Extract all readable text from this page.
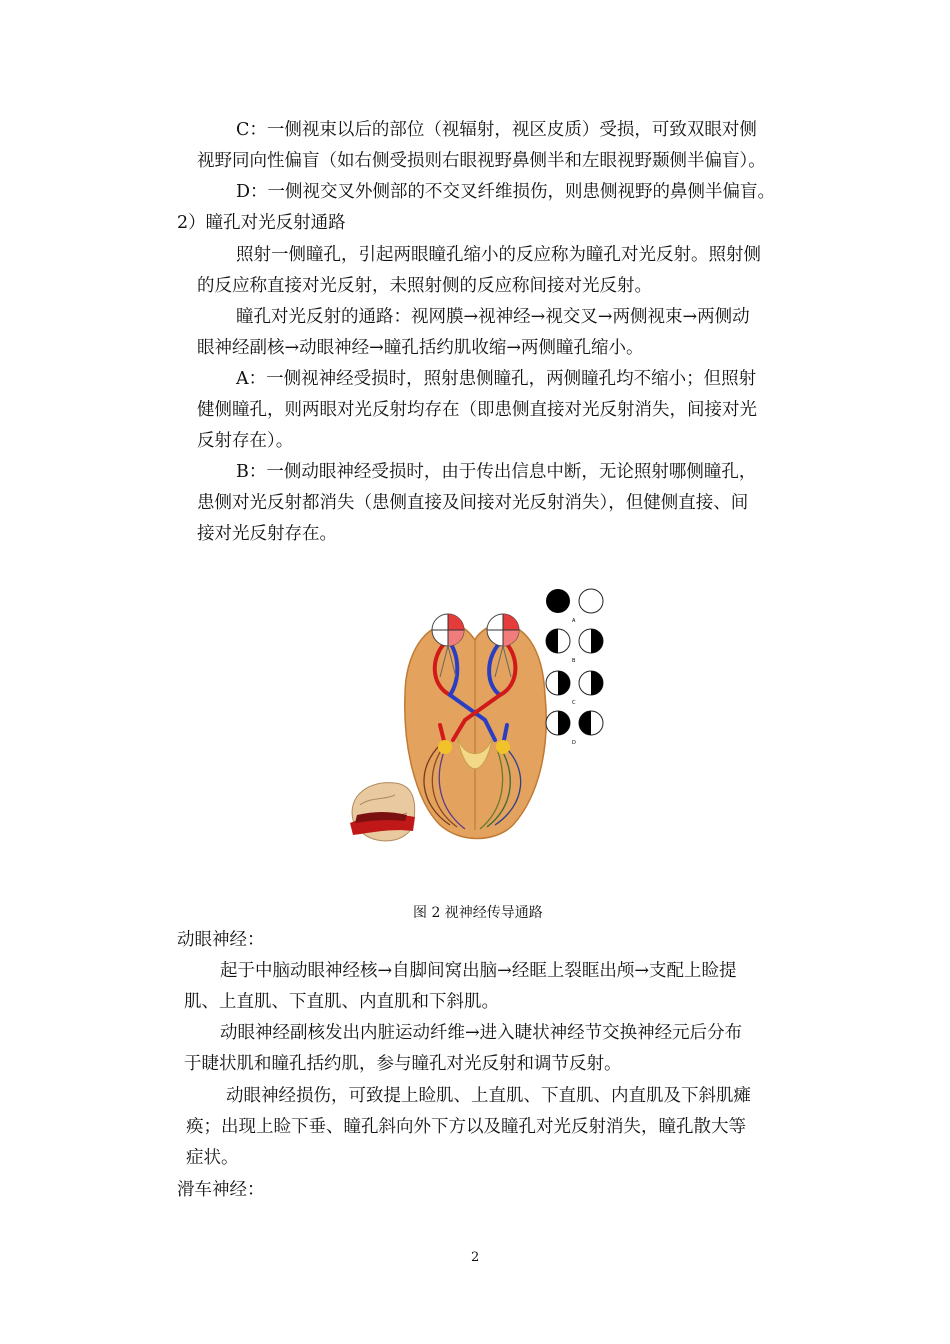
C：一侧视束以后的部位（视辐射，视区皮质）受损，可致双眼对侧

视野同向性偏盲（如右侧受损则右眼视野鼻侧半和左眼视野颞侧半偏盲）。

D：一侧视交叉外侧部的不交叉纤维损伤，则患侧视野的鼻侧半偏盲。

2）瞳孔对光反射通路

照射一侧瞳孔，引起两眼瞳孔缩小的反应称为瞳孔对光反射。照射侧

的反应称直接对光反射，未照射侧的反应称间接对光反射。

瞳孔对光反射的通路：视网膜→视神经→视交叉→两侧视束→两侧动

眼神经副核→动眼神经→瞳孔括约肌收缩→两侧瞳孔缩小。

A：一侧视神经受损时，照射患侧瞳孔，两侧瞳孔均不缩小；但照射

健侧瞳孔，则两眼对光反射均存在（即患侧直接对光反射消失，间接对光

反射存在）。

B：一侧动眼神经受损时，由于传出信息中断，无论照射哪侧瞳孔，

患侧对光反射都消失（患侧直接及间接对光反射消失），但健侧直接、间

接对光反射存在。

A
B
C
D
图 2 视神经传导通路

动眼神经：

起于中脑动眼神经核→自脚间窝出脑→经眶上裂眶出颅→支配上睑提

肌、上直肌、下直肌、内直肌和下斜肌。

动眼神经副核发出内脏运动纤维→进入睫状神经节交换神经元后分布

于睫状肌和瞳孔括约肌，参与瞳孔对光反射和调节反射。

动眼神经损伤，可致提上睑肌、上直肌、下直肌、内直肌及下斜肌瘫

痪；出现上睑下垂、瞳孔斜向外下方以及瞳孔对光反射消失，瞳孔散大等

症状。

滑车神经：

2
